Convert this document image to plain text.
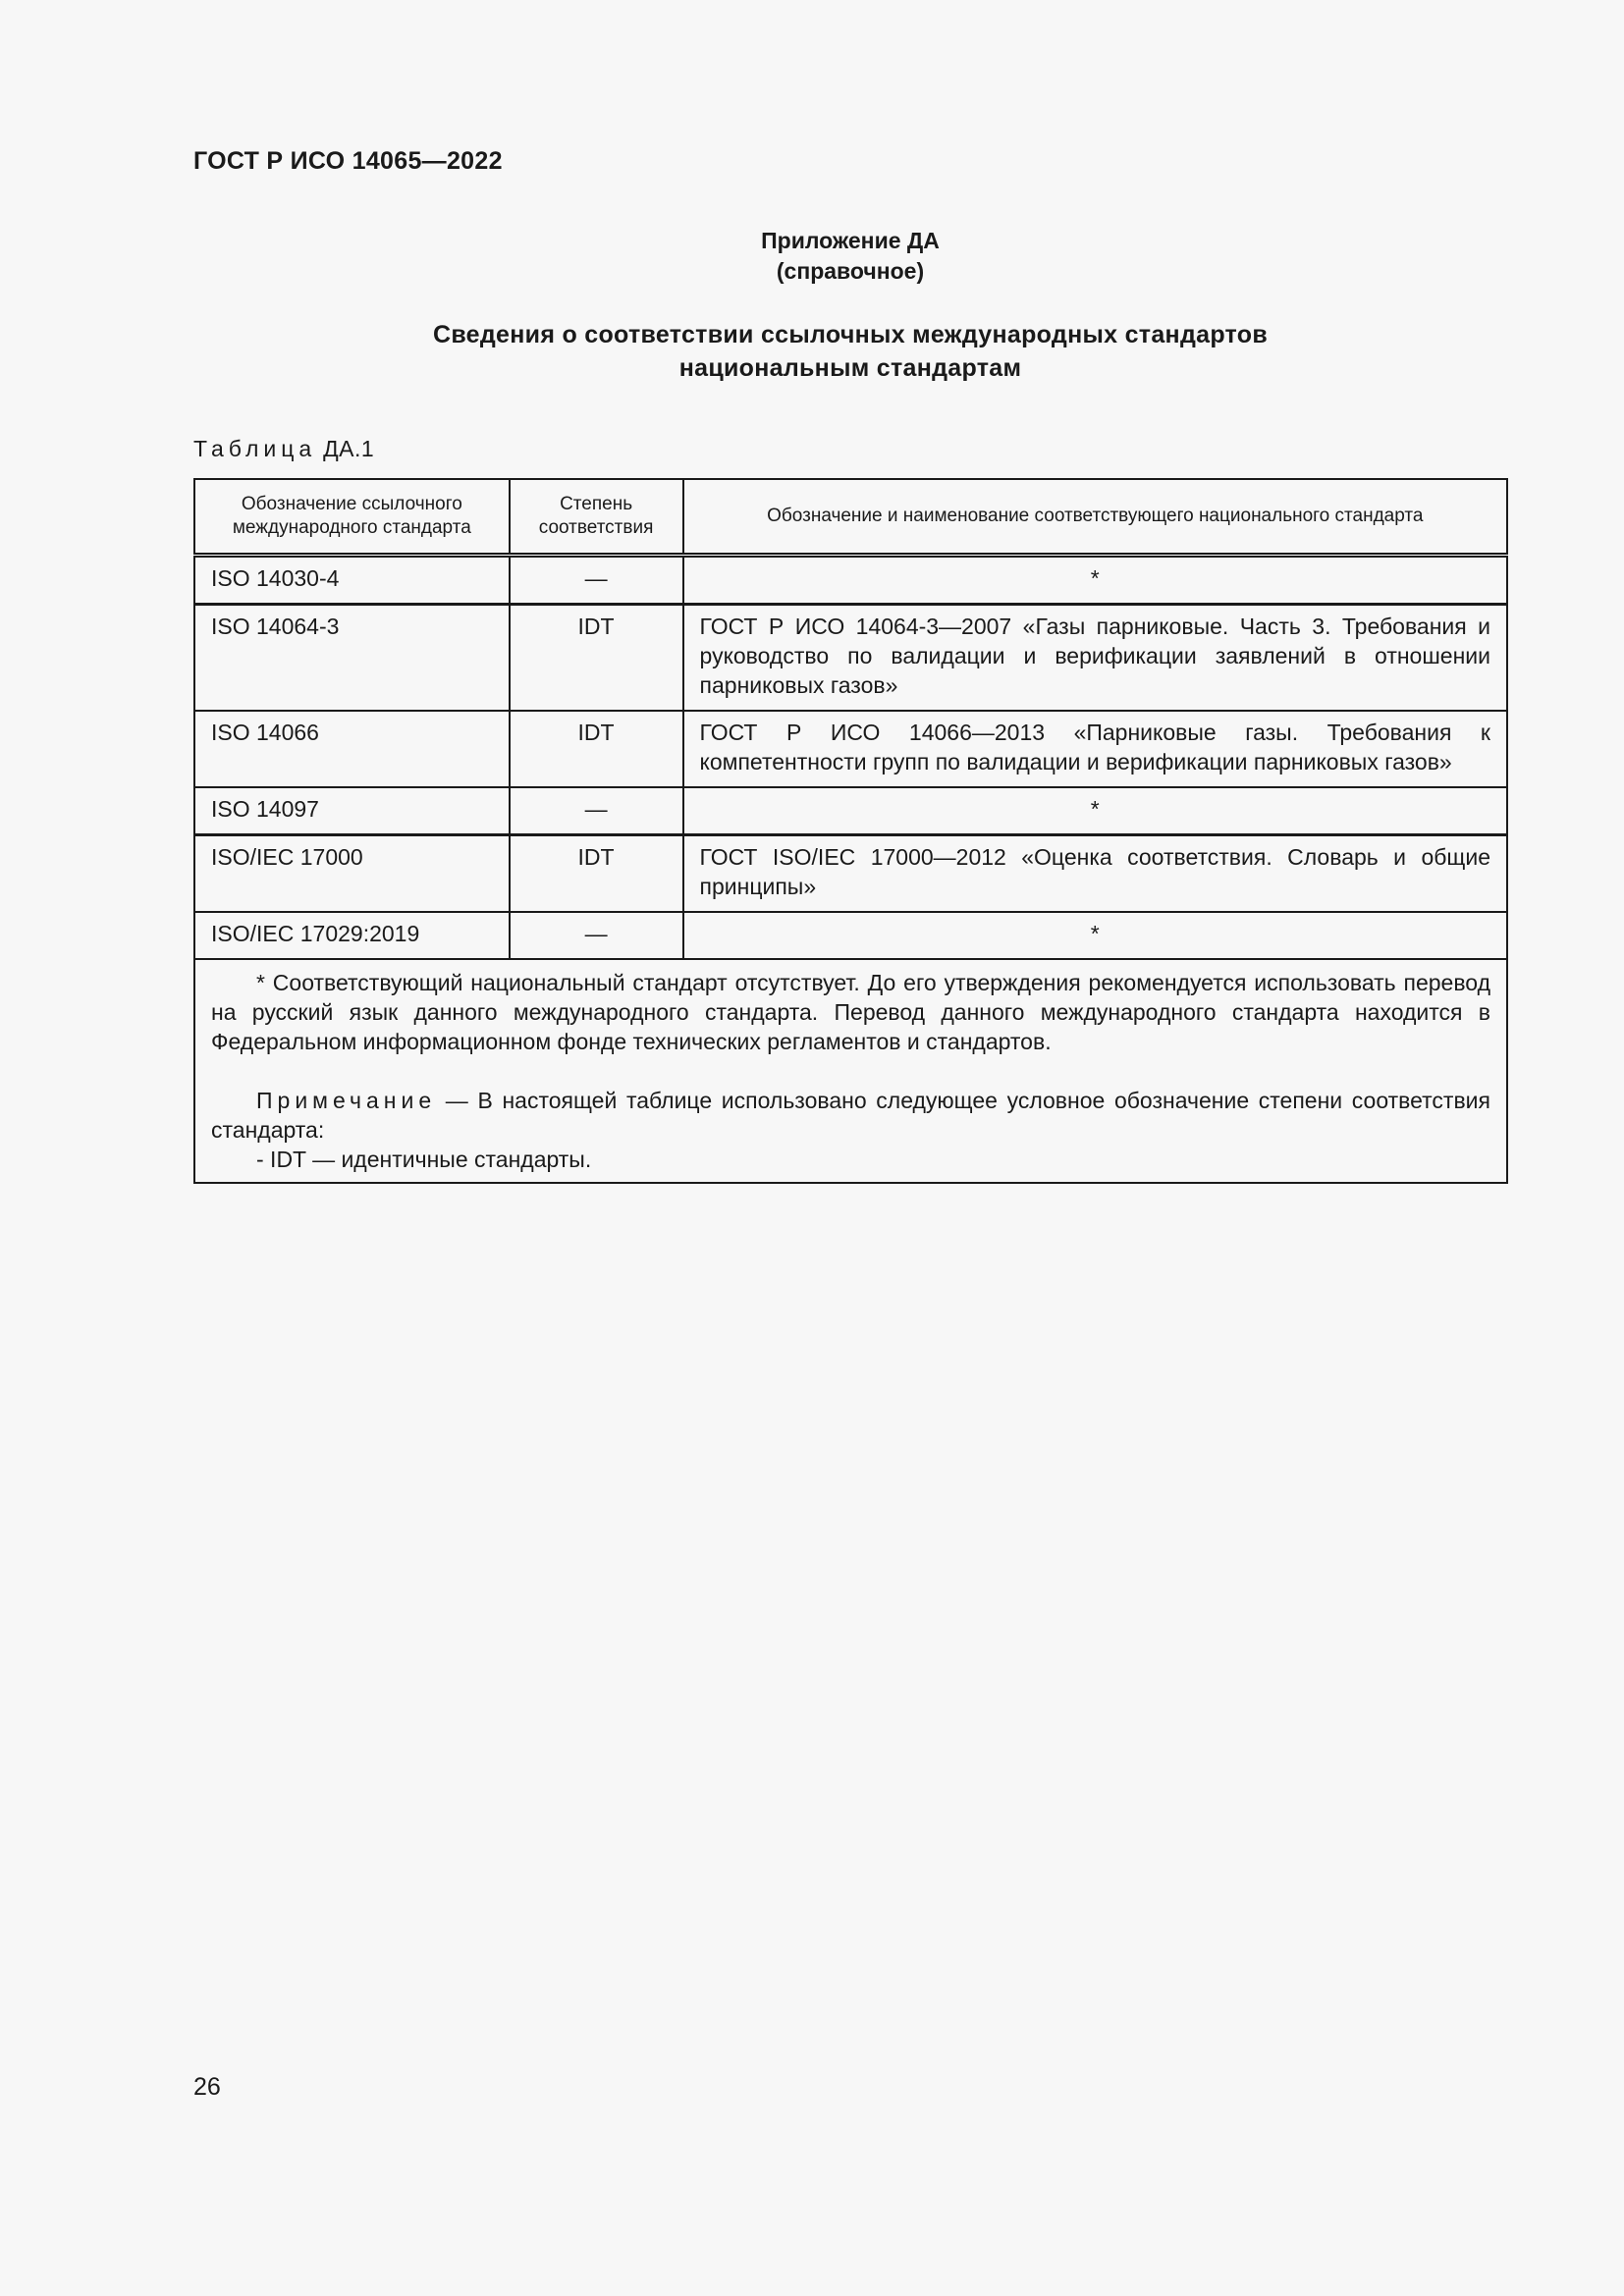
ГОСТ Р ИСО 14065—2022
Приложение ДА
(справочное)
Сведения о соответствии ссылочных международных стандартов
национальным стандартам
Таблица ДА.1
Обозначение ссылочного международного стандарта	Степень соответствия	Обозначение и наименование соответствующего национального стандарта
ISO 14030-4	—	*
ISO 14064-3	IDT	ГОСТ Р ИСО 14064-3—2007 «Газы парниковые. Часть 3. Требования и руководство по валидации и верификации заявлений в отношении парниковых газов»
ISO 14066	IDT	ГОСТ Р ИСО 14066—2013 «Парниковые газы. Требования к компетентности групп по валидации и верификации парниковых газов»
ISO 14097	—	*
ISO/IEC 17000	IDT	ГОСТ ISO/IEC 17000—2012 «Оценка соответствия. Словарь и общие принципы»
ISO/IEC 17029:2019	—	*

* Соответствующий национальный стандарт отсутствует. До его утверждения рекомендуется использовать перевод на русский язык данного международного стандарта. Перевод данного международного стандарта находится в Федеральном информационном фонде технических регламентов и стандартов.

Примечание — В настоящей таблице использовано следующее условное обозначение степени соответствия стандарта:

- IDT — идентичные стандарты.		

26
